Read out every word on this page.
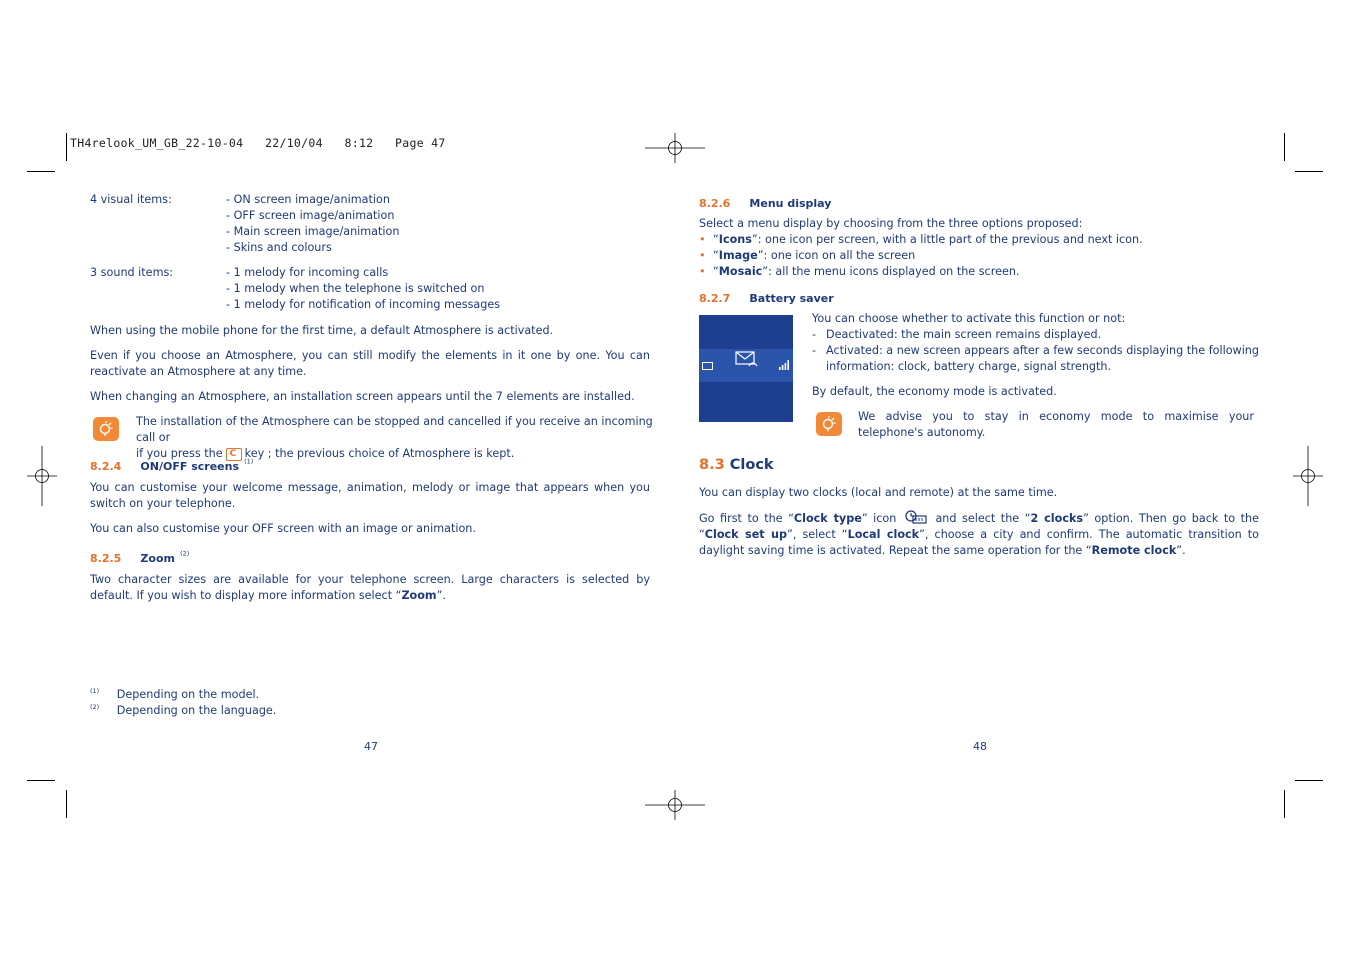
TH4relook_UM_GB_22-10-04   22/10/04   8:12   Page 47
4 visual items:	- ON screen image/animation
- OFF screen image/animation
- Main screen image/animation
- Skins and colours
3 sound items:	- 1 melody for incoming calls
- 1 melody when the telephone is switched on
- 1 melody for notification of incoming messages
When using the mobile phone for the first time, a default Atmosphere is activated.
Even if you choose an Atmosphere, you can still modify the elements in it one by one. You can reactivate an Atmosphere at any time.
When changing an Atmosphere, an installation screen appears until the 7 elements are installed.
The installation of the Atmosphere can be stopped and cancelled if you receive an incoming call or
if you press theC key ; the previous choice of Atmosphere is kept.
8.2.4 ON/OFF screens $^{(1)}$
You can customise your welcome message, animation, melody or image that appears when you switch on your telephone.
You can also customise your OFF screen with an image or animation.
8.2.5 Zoom $^{(2)}$
Two character sizes are available for your telephone screen. Large characters is selected by default. If you wish to display more information select “Zoom”.
$^{(1)}$ Depending on the model.
$^{(2)}$ Depending on the language.
47
8.2.6 Menu display
Select a menu display by choosing from the three options proposed:
• “Icons”: one icon per screen, with a little part of the previous and next icon.
• “Image”: one icon on all the screen
• “Mosaic”: all the menu icons displayed on the screen.
8.2.7 Battery saver
You can choose whether to activate this function or not:
- Deactivated: the main screen remains displayed.
- Activated: a new screen appears after a few seconds displaying the following information: clock, battery charge, signal strength.
By default, the economy mode is activated.
We advise you to stay in economy mode to maximise your telephone's autonomy.
8.3 Clock
You can display two clocks (local and remote) at the same time.
Go first to the “Clock type” icon	and select the “2 clocks” option. Then go back to the “Clock set up”, select “Local clock”, choose a city and confirm. The automatic transition to daylight saving time is activated. Repeat the same operation for the “Remote clock”.
48
